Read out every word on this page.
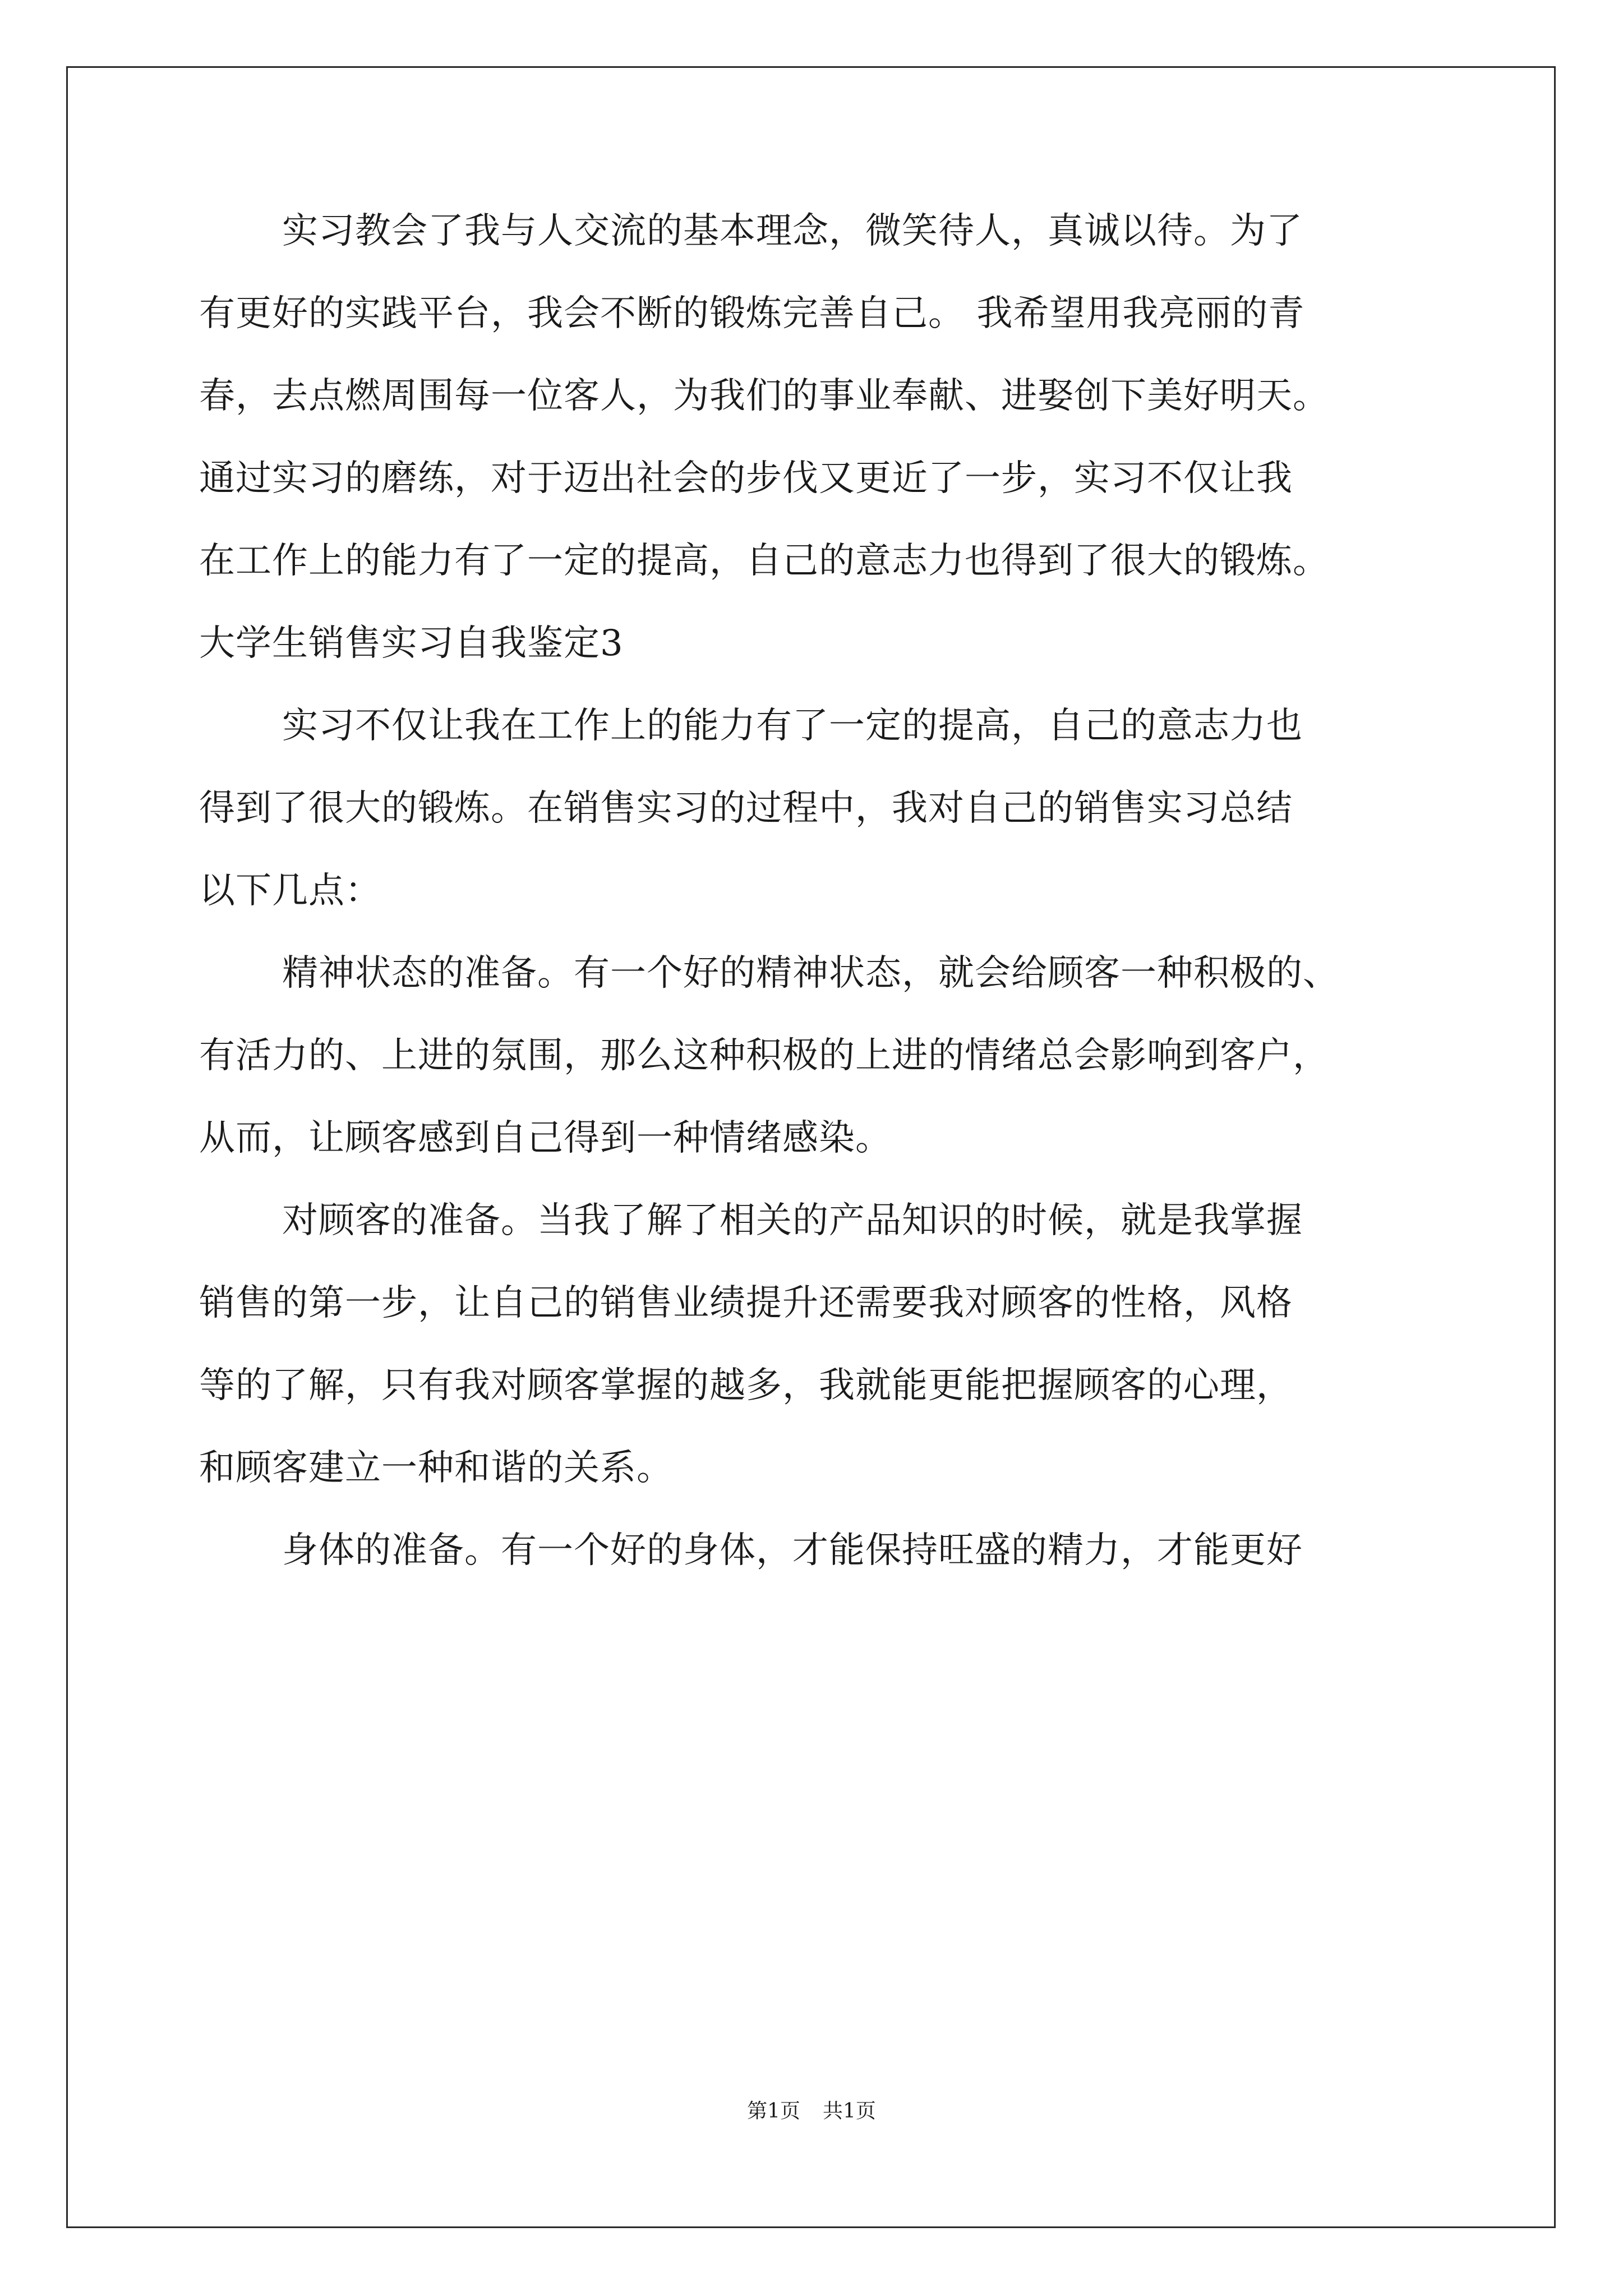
实习教会了我与人交流的基本理念，微笑待人，真诚以待。为了
有更好的实践平台，我会不断的锻炼完善自己。 我希望用我亮丽的青
春，去点燃周围每一位客人，为我们的事业奉献、进娶创下美好明天。
通过实习的磨练，对于迈出社会的步伐又更近了一步，实习不仅让我
在工作上的能力有了一定的提高，自己的意志力也得到了很大的锻炼。
大学生销售实习自我鉴定3
实习不仅让我在工作上的能力有了一定的提高，自己的意志力也
得到了很大的锻炼。在销售实习的过程中，我对自己的销售实习总结
以下几点：
精神状态的准备。有一个好的精神状态，就会给顾客一种积极的、
有活力的、上进的氛围，那么这种积极的上进的情绪总会影响到客户，
从而，让顾客感到自己得到一种情绪感染。
对顾客的准备。当我了解了相关的产品知识的时候，就是我掌握
销售的第一步，让自己的销售业绩提升还需要我对顾客的性格，风格
等的了解，只有我对顾客掌握的越多，我就能更能把握顾客的心理，
和顾客建立一种和谐的关系。
身体的准备。有一个好的身体，才能保持旺盛的精力，才能更好
第1页 共1页
